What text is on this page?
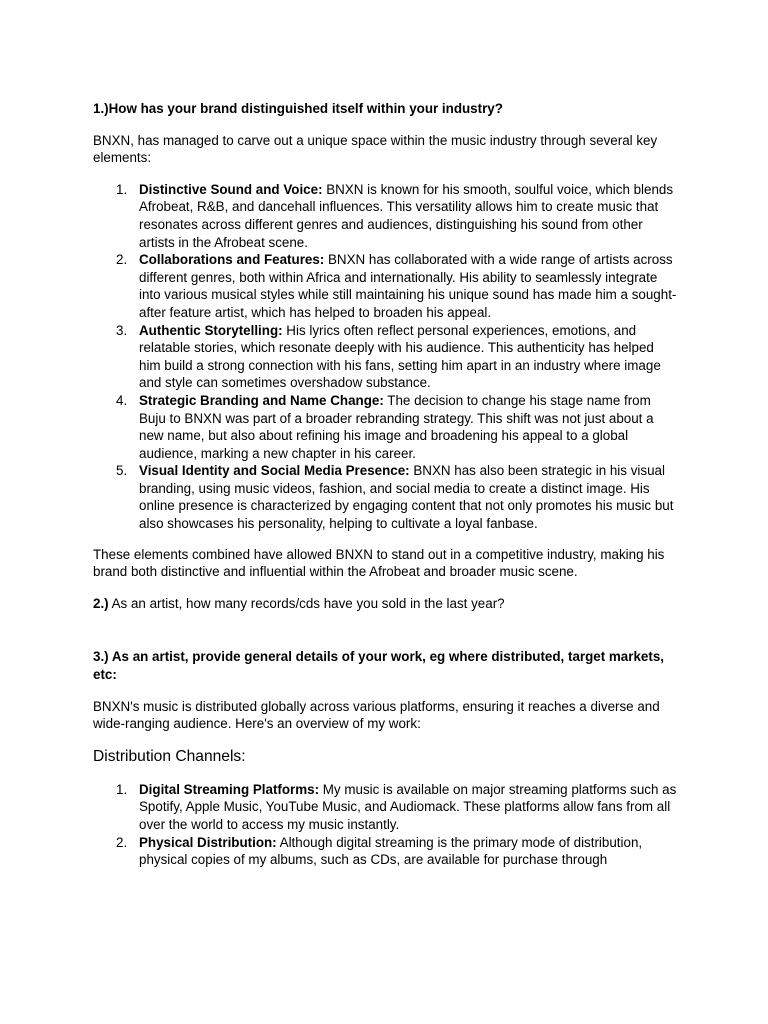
1.)How has your brand distinguished itself within your industry?

BNXN, has managed to carve out a unique space within the music industry through several key elements:

1. Distinctive Sound and Voice: BNXN is known for his smooth, soulful voice, which blends Afrobeat, R&B, and dancehall influences. This versatility allows him to create music that resonates across different genres and audiences, distinguishing his sound from other artists in the Afrobeat scene.
2. Collaborations and Features: BNXN has collaborated with a wide range of artists across different genres, both within Africa and internationally. His ability to seamlessly integrate into various musical styles while still maintaining his unique sound has made him a sought-after feature artist, which has helped to broaden his appeal.
3. Authentic Storytelling: His lyrics often reflect personal experiences, emotions, and relatable stories, which resonate deeply with his audience. This authenticity has helped him build a strong connection with his fans, setting him apart in an industry where image and style can sometimes overshadow substance.
4. Strategic Branding and Name Change: The decision to change his stage name from Buju to BNXN was part of a broader rebranding strategy. This shift was not just about a new name, but also about refining his image and broadening his appeal to a global audience, marking a new chapter in his career.
5. Visual Identity and Social Media Presence: BNXN has also been strategic in his visual branding, using music videos, fashion, and social media to create a distinct image. His online presence is characterized by engaging content that not only promotes his music but also showcases his personality, helping to cultivate a loyal fanbase.

These elements combined have allowed BNXN to stand out in a competitive industry, making his brand both distinctive and influential within the Afrobeat and broader music scene.

2.) As an artist, how many records/cds have you sold in the last year?

3.) As an artist, provide general details of your work, eg where distributed, target markets, etc:

BNXN's music is distributed globally across various platforms, ensuring it reaches a diverse and wide-ranging audience. Here's an overview of my work:

Distribution Channels:
1. Digital Streaming Platforms: My music is available on major streaming platforms such as Spotify, Apple Music, YouTube Music, and Audiomack. These platforms allow fans from all over the world to access my music instantly.
2. Physical Distribution: Although digital streaming is the primary mode of distribution, physical copies of my albums, such as CDs, are available for purchase through
